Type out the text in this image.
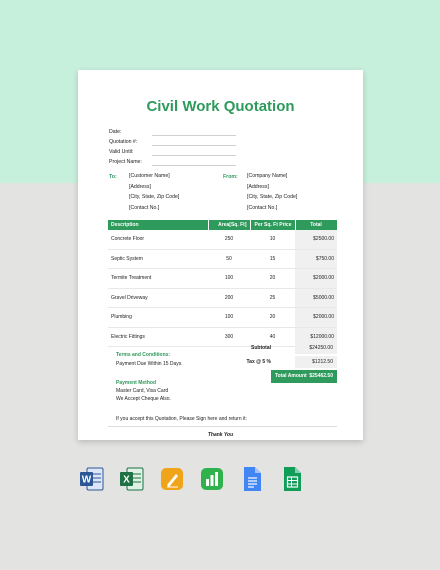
Civil Work Quotation
Date:
Quotation #:
Valid Until:
Project Name:
To: [Customer Name]
[Address]
[City, State, Zip Code]
[Contact No.]
From: [Company Name]
[Address]
[City, State, Zip Code]
[Contact No.]
Description	Area[Sq. Ft]	Per Sq. Ft Price	Total
Concrete Floor	250	10	$2500.00
Septic System	50	15	$750.00
Termite Treatment	100	20	$2000.00
Gravel Driveway	200	25	$5000.00
Plumbing	100	20	$2000.00
Electric Fittings	300	40	$12000.00
Subtotal	$24250.00
Tax @ 5 %	$1212.50
Total Amount $25462.50
Terms and Conditions:
Payment Due Within 15 Days.
Payment Method
Master Card, Visa Card
We Accept Cheque Also.
If you accept this Quotation, Please Sign here and return it:
Thank You
W	X
